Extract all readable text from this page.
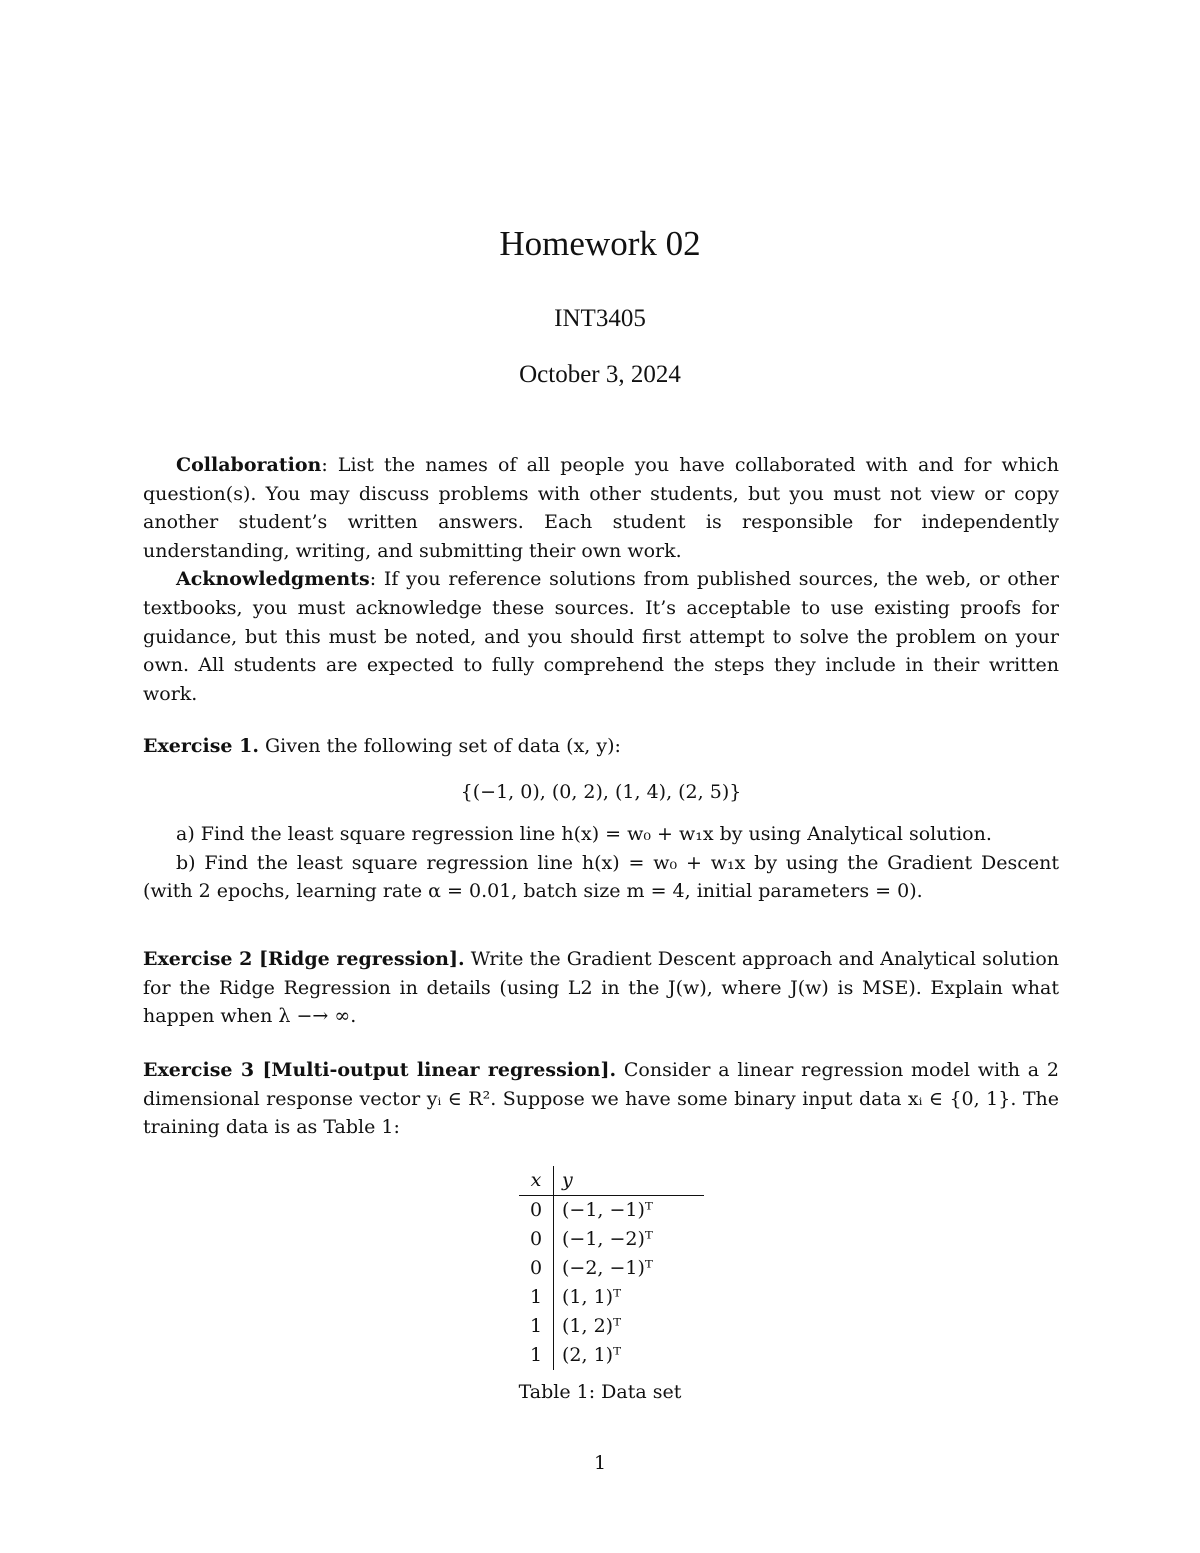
Homework 02
INT3405
October 3, 2024

Collaboration: List the names of all people you have collaborated with and for which question(s). You may discuss problems with other students, but you must not view or copy another student’s written answers. Each student is responsible for independently understanding, writing, and submitting their own work.

Acknowledgments: If you reference solutions from published sources, the web, or other textbooks, you must acknowledge these sources. It’s acceptable to use existing proofs for guidance, but this must be noted, and you should first attempt to solve the problem on your own. All students are expected to fully comprehend the steps they include in their written work.

Exercise 1. Given the following set of data (x, y):

{(−1, 0), (0, 2), (1, 4), (2, 5)}

a) Find the least square regression line h(x) = w₀ + w₁x by using Analytical solution.

b) Find the least square regression line h(x) = w₀ + w₁x by using the Gradient Descent (with 2 epochs, learning rate α = 0.01, batch size m = 4, initial parameters = 0).

Exercise 2 [Ridge regression]. Write the Gradient Descent approach and Analytical solution for the Ridge Regression in details (using L2 in the J(w), where J(w) is MSE). Explain what happen when λ −→ ∞.

Exercise 3 [Multi-output linear regression]. Consider a linear regression model with a 2 dimensional response vector yᵢ ∈ R². Suppose we have some binary input data xᵢ ∈ {0, 1}. The training data is as Table 1:

x	y
0	(−1, −1)ᵀ
0	(−1, −2)ᵀ
0	(−2, −1)ᵀ
1	(1, 1)ᵀ
1	(1, 2)ᵀ
1	(2, 1)ᵀ
Table 1: Data set
1
